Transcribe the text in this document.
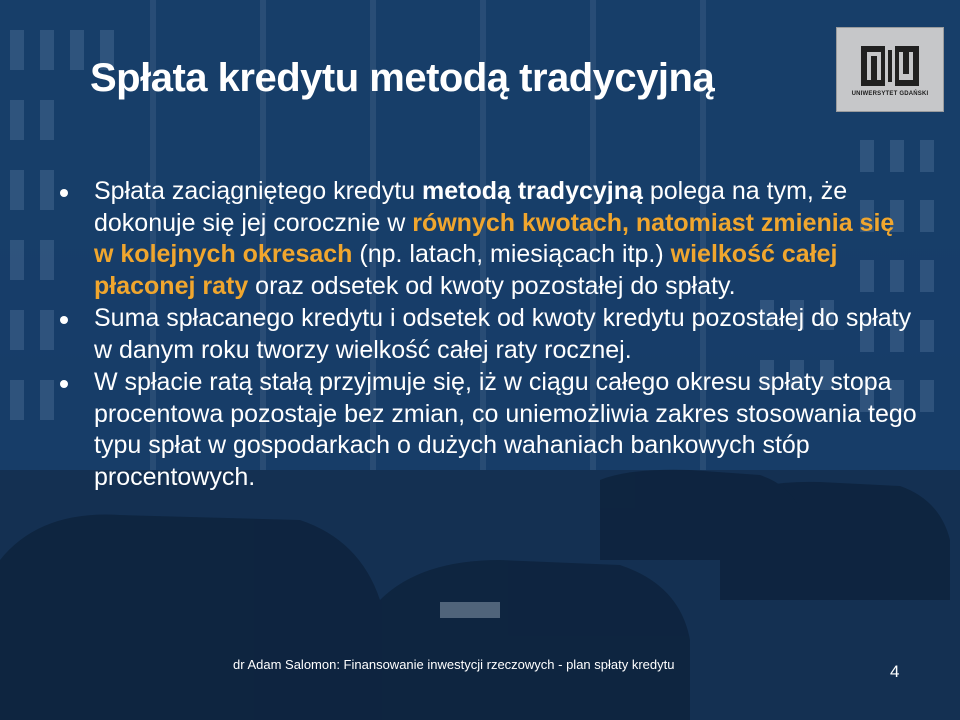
UNIWERSYTET GDAŃSKI
Spłata kredytu metodą tradycyjną
Spłata zaciągniętego kredytu metodą tradycyjną polega na tym, że dokonuje się jej corocznie w równych kwotach, natomiast zmienia się w kolejnych okresach (np. latach, miesiącach itp.) wielkość całej płaconej raty oraz odsetek od kwoty pozostałej do spłaty.
Suma spłacanego kredytu i odsetek od kwoty kredytu pozostałej do spłaty w danym roku tworzy wielkość całej raty rocznej.
W spłacie ratą stałą przyjmuje się, iż w ciągu całego okresu spłaty stopa procentowa pozostaje bez zmian, co uniemożliwia zakres stosowania tego typu spłat w gospodarkach o dużych wahaniach bankowych stóp procentowych.
dr Adam Salomon: Finansowanie inwestycji rzeczowych - plan spłaty kredytu	4
